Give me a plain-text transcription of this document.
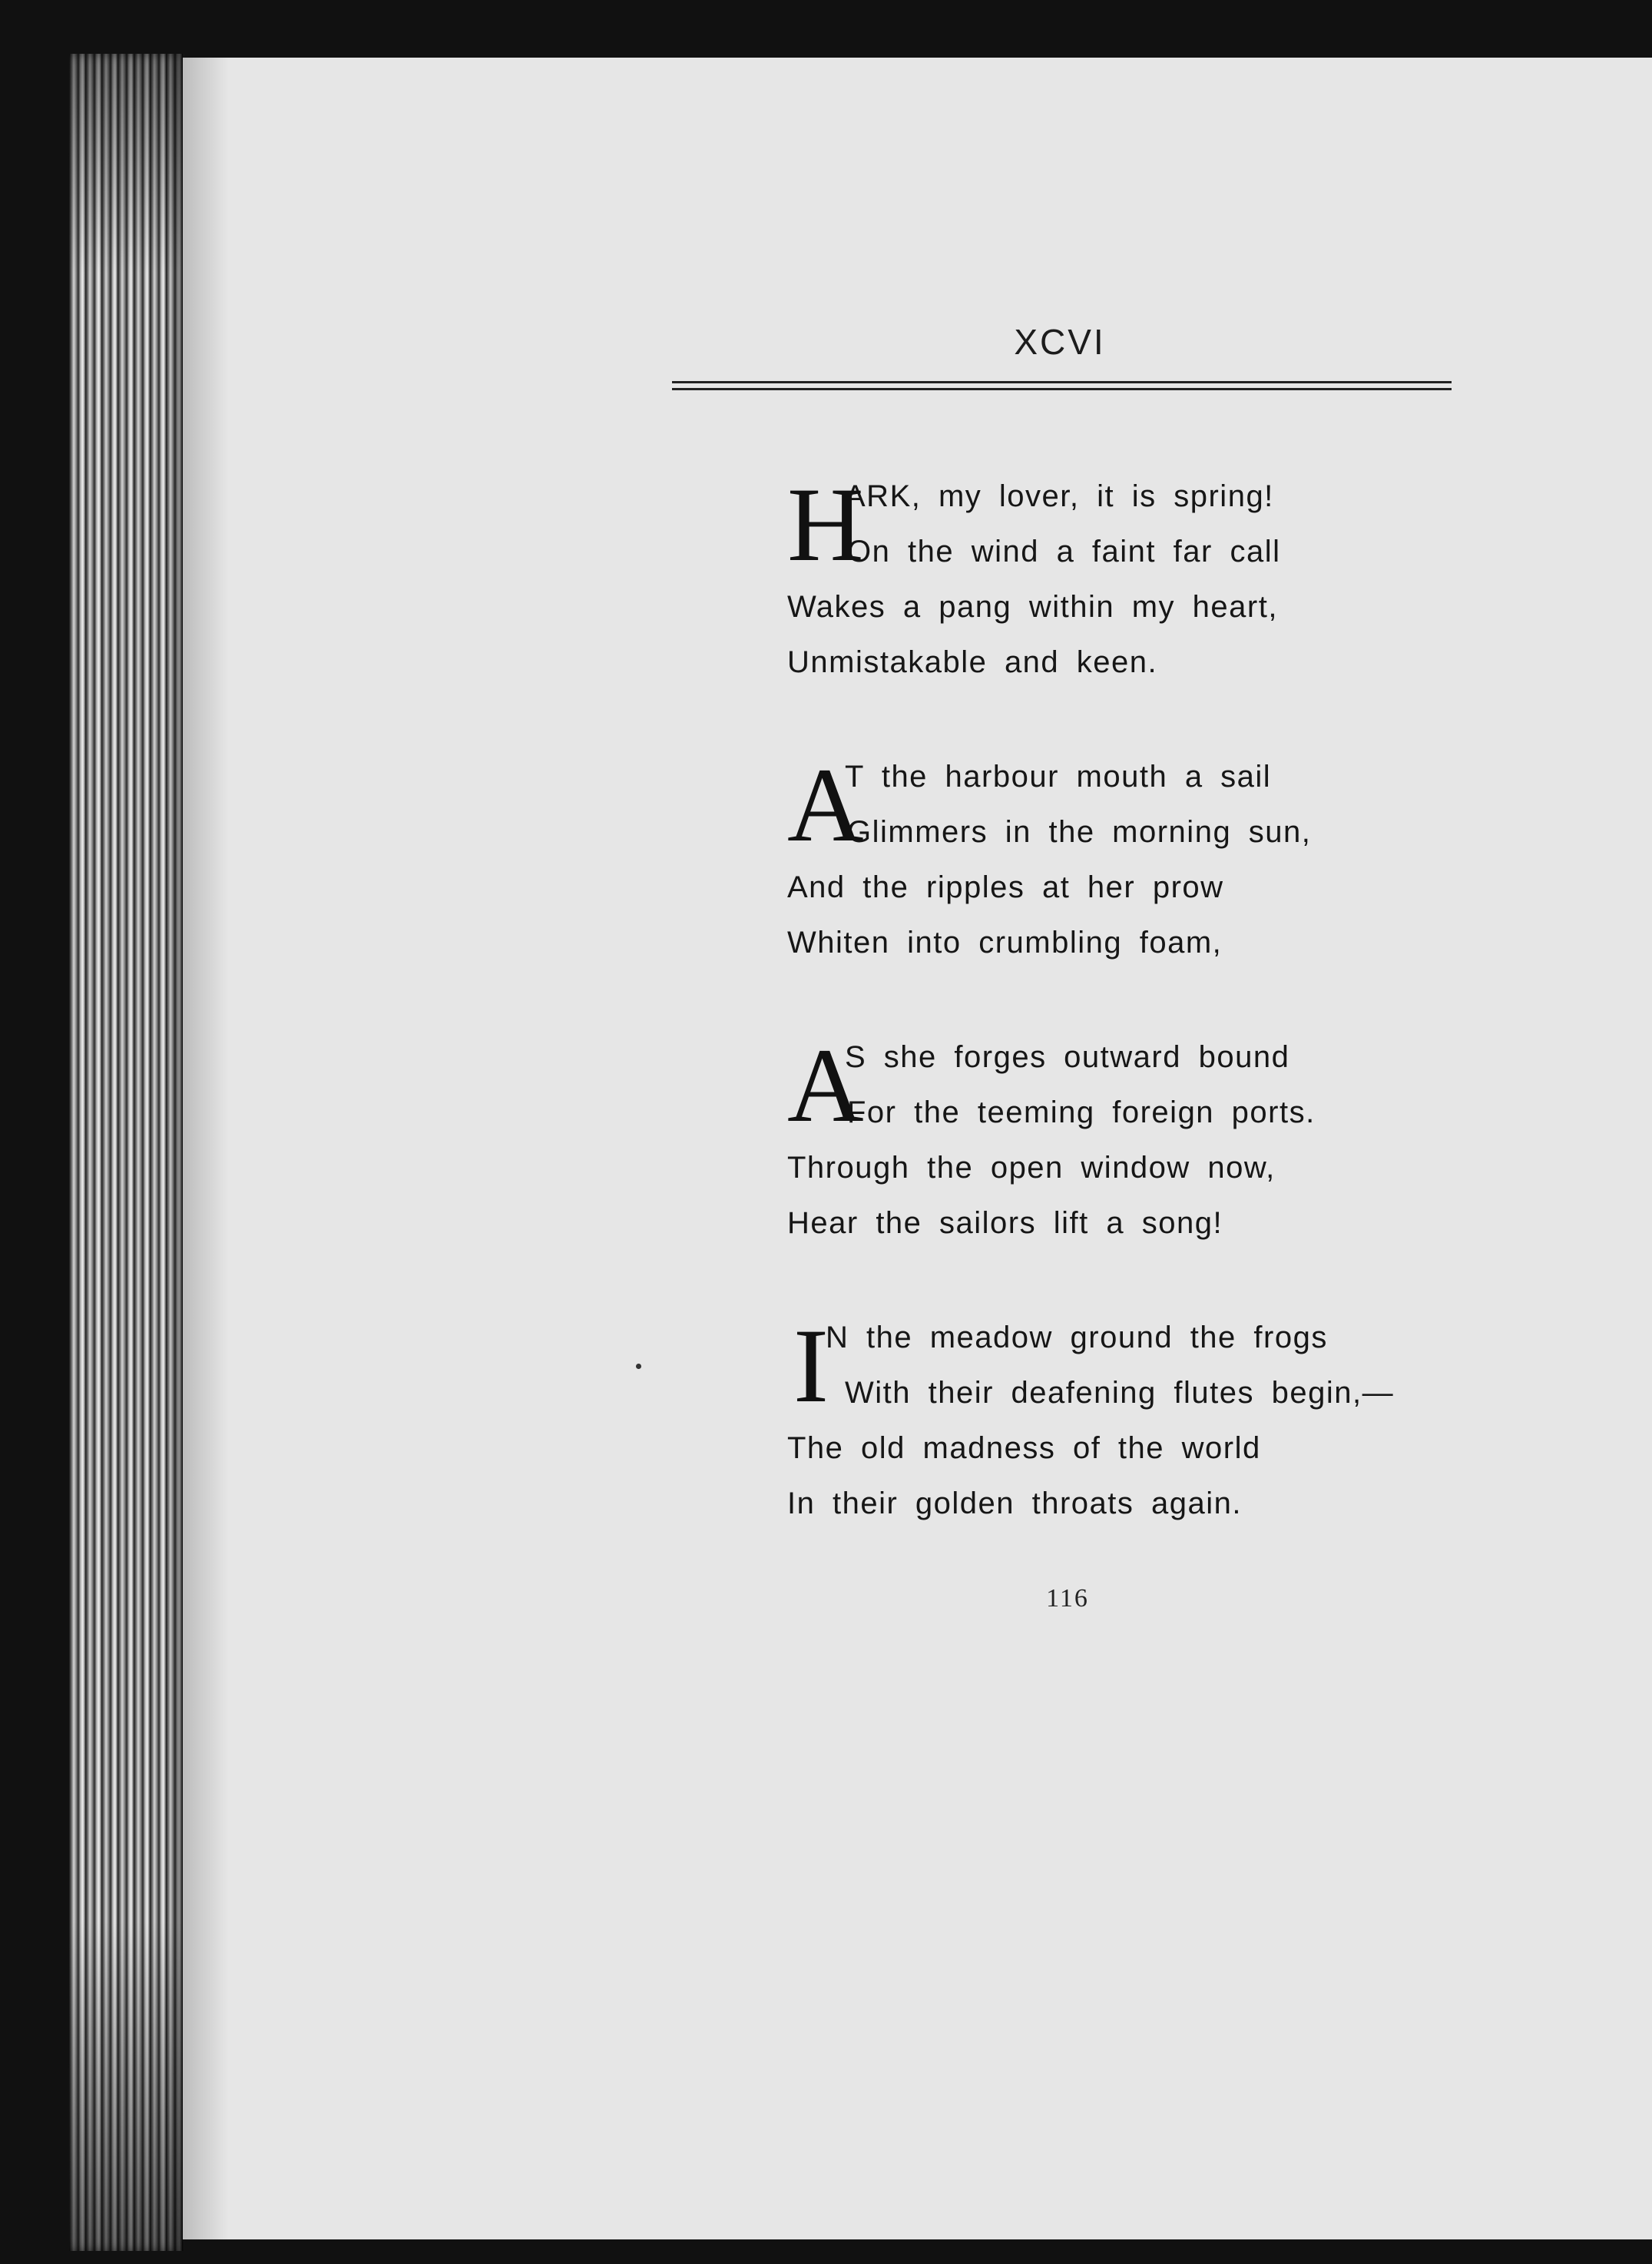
XCVI
H
ARK, my lover, it is spring!
On the wind a faint far call
Wakes a pang within my heart,
Unmistakable and keen.
A
T the harbour mouth a sail
Glimmers in the morning sun,
And the ripples at her prow
Whiten into crumbling foam,
A
S she forges outward bound
For the teeming foreign ports.
Through the open window now,
Hear the sailors lift a song!
I
N the meadow ground the frogs
With their deafening flutes begin,—
The old madness of the world
In their golden throats again.
116
